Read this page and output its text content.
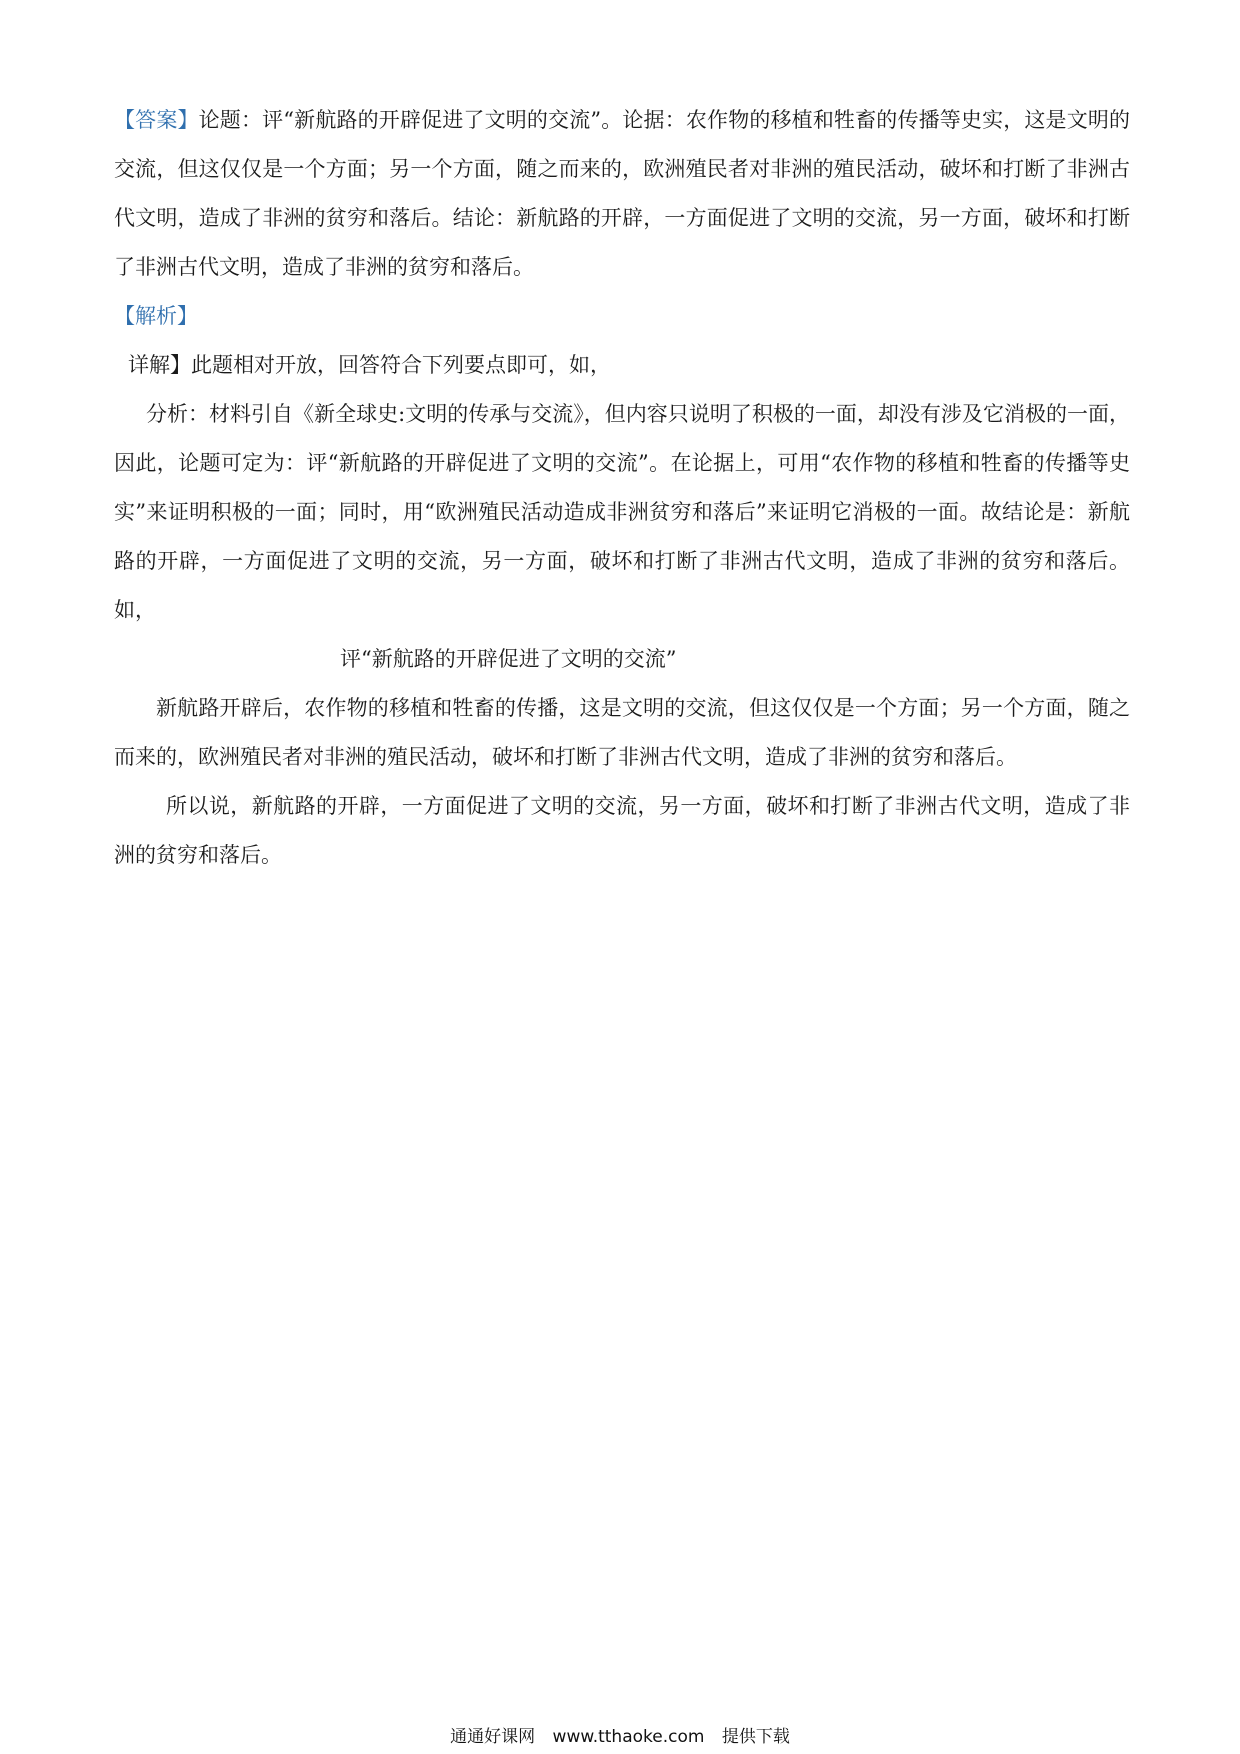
【答案】论题：评“新航路的开辟促进了文明的交流”。论据：农作物的移植和牲畜的传播等史实，这是文明的交流，但这仅仅是一个方面；另一个方面，随之而来的，欧洲殖民者对非洲的殖民活动，破坏和打断了非洲古代文明，造成了非洲的贫穷和落后。结论：新航路的开辟，一方面促进了文明的交流，另一方面，破坏和打断了非洲古代文明，造成了非洲的贫穷和落后。

【解析】

详解】此题相对开放，回答符合下列要点即可，如，

分析：材料引自《新全球史:文明的传承与交流》，但内容只说明了积极的一面，却没有涉及它消极的一面，因此，论题可定为：评“新航路的开辟促进了文明的交流”。在论据上，可用“农作物的移植和牲畜的传播等史实”来证明积极的一面；同时，用“欧洲殖民活动造成非洲贫穷和落后”来证明它消极的一面。故结论是：新航路的开辟，一方面促进了文明的交流，另一方面，破坏和打断了非洲古代文明，造成了非洲的贫穷和落后。如，

评“新航路的开辟促进了文明的交流”

新航路开辟后，农作物的移植和牲畜的传播，这是文明的交流，但这仅仅是一个方面；另一个方面，随之而来的，欧洲殖民者对非洲的殖民活动，破坏和打断了非洲古代文明，造成了非洲的贫穷和落后。

所以说，新航路的开辟，一方面促进了文明的交流，另一方面，破坏和打断了非洲古代文明，造成了非洲的贫穷和落后。

通通好课网 www.tthaoke.com 提供下载
